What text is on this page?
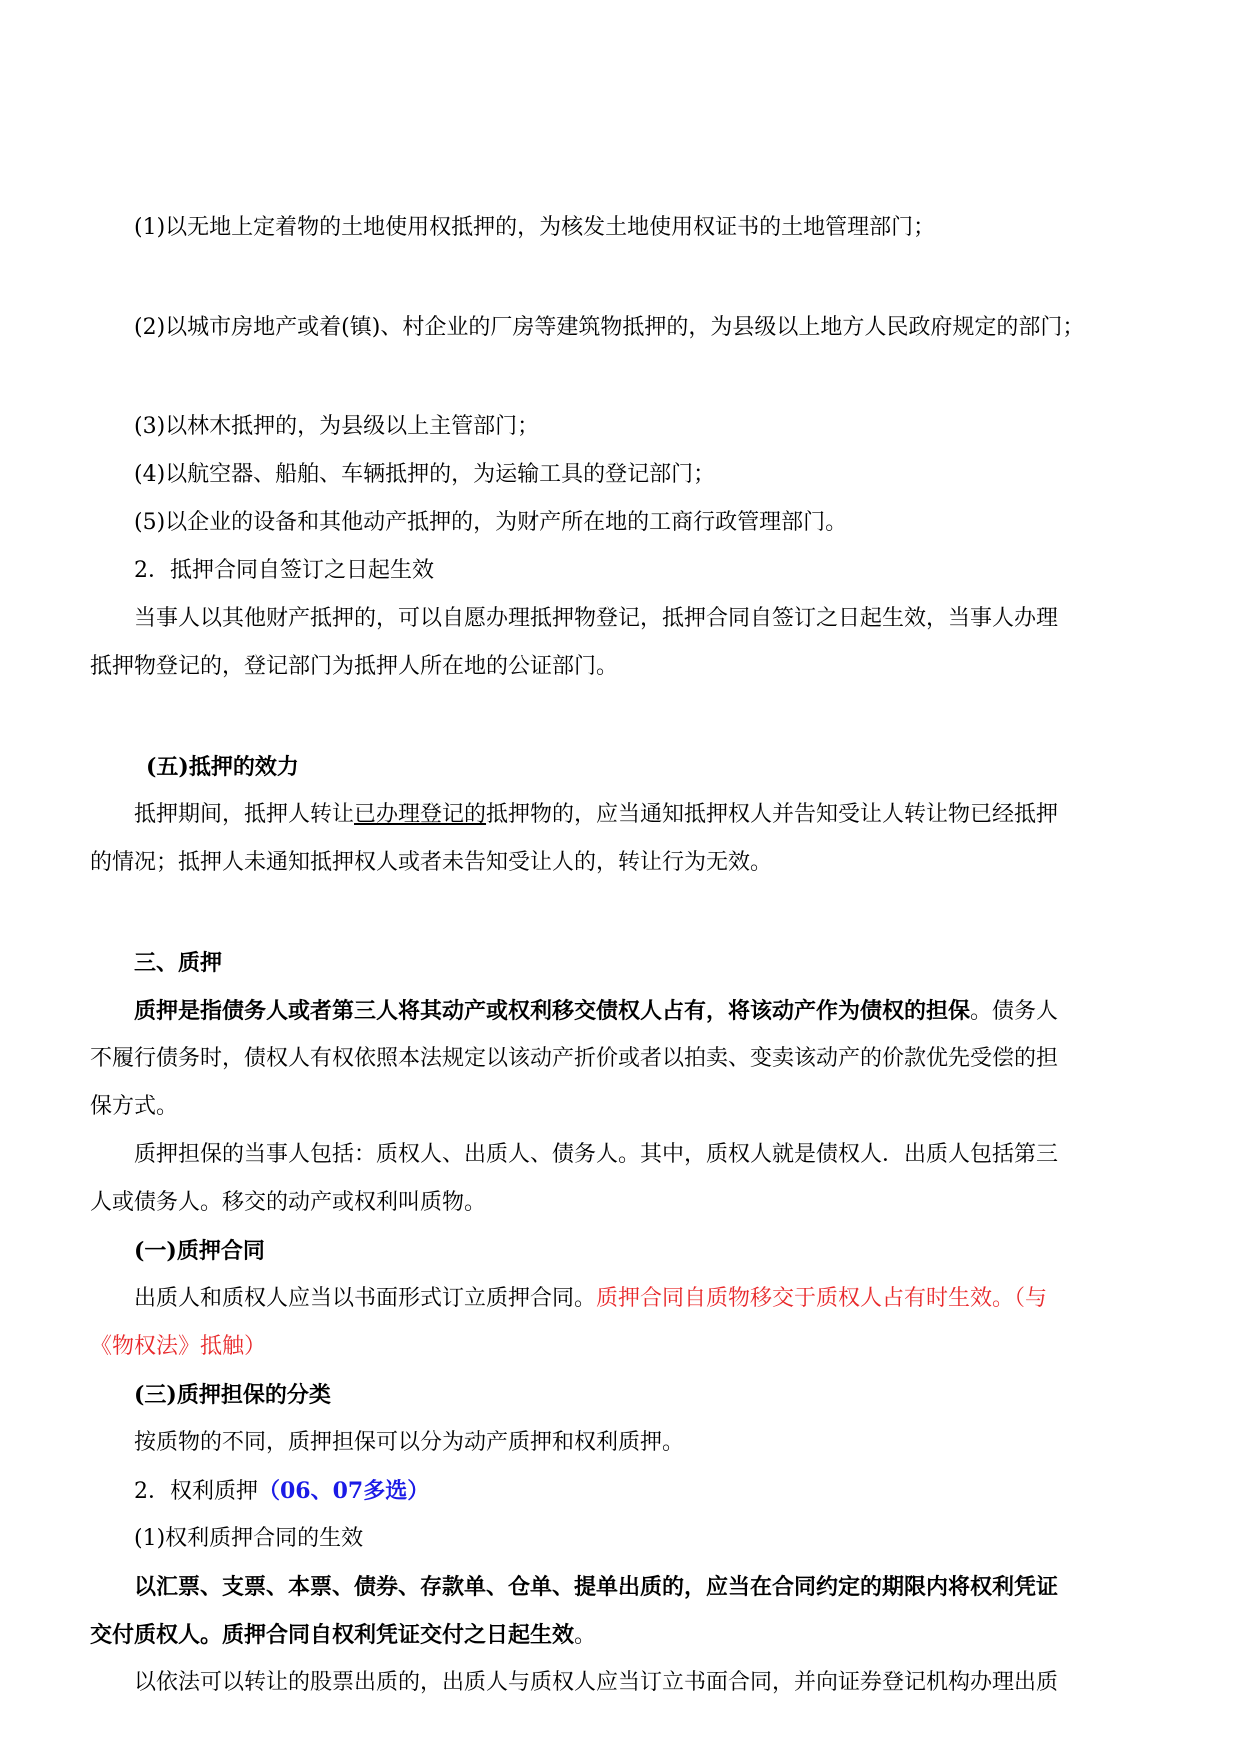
(1)以无地上定着物的土地使用权抵押的，为核发土地使用权证书的土地管理部门；
(2)以城市房地产或着(镇)、村企业的厂房等建筑物抵押的，为县级以上地方人民政府规定的部门；
(3)以林木抵押的，为县级以上主管部门；
(4)以航空器、船舶、车辆抵押的，为运输工具的登记部门；
(5)以企业的设备和其他动产抵押的，为财产所在地的工商行政管理部门。
2．抵押合同自签订之日起生效
当事人以其他财产抵押的，可以自愿办理抵押物登记，抵押合同自签订之日起生效，当事人办理
抵押物登记的，登记部门为抵押人所在地的公证部门。
(五)抵押的效力
抵押期间，抵押人转让已办理登记的抵押物的，应当通知抵押权人并告知受让人转让物已经抵押
的情况；抵押人未通知抵押权人或者未告知受让人的，转让行为无效。
三、质押
质押是指债务人或者第三人将其动产或权利移交债权人占有，将该动产作为债权的担保。债务人
不履行债务时，债权人有权依照本法规定以该动产折价或者以拍卖、变卖该动产的价款优先受偿的担
保方式。
质押担保的当事人包括：质权人、出质人、债务人。其中，质权人就是债权人．出质人包括第三
人或债务人。移交的动产或权利叫质物。
(一)质押合同
出质人和质权人应当以书面形式订立质押合同。质押合同自质物移交于质权人占有时生效。（与
《物权法》抵触）
(三)质押担保的分类
按质物的不同，质押担保可以分为动产质押和权利质押。
2．权利质押（06、07多选）
(1)权利质押合同的生效
以汇票、支票、本票、债券、存款单、仓单、提单出质的，应当在合同约定的期限内将权利凭证
交付质权人。质押合同自权利凭证交付之日起生效。
以依法可以转让的股票出质的，出质人与质权人应当订立书面合同，并向证券登记机构办理出质
